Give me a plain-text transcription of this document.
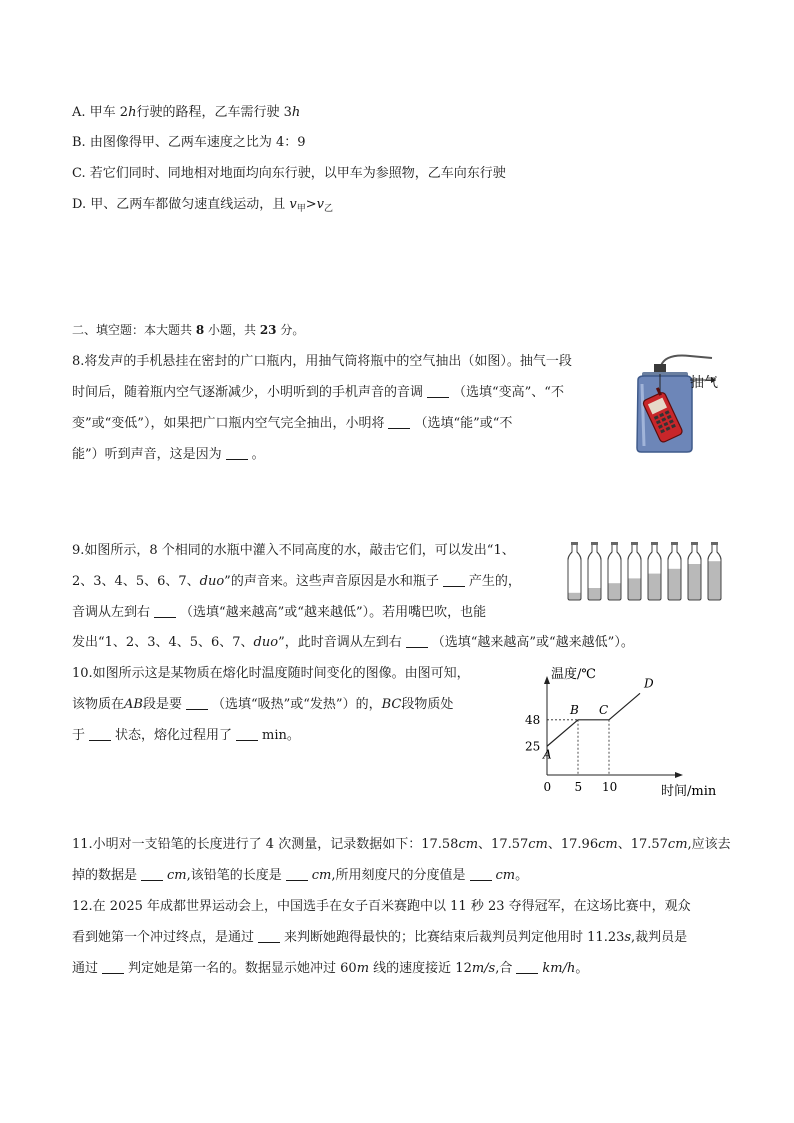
A. 甲车 2h行驶的路程，乙车需行驶 3h
B. 由图像得甲、乙两车速度之比为 4：9
C. 若它们同时、同地相对地面均向东行驶，以甲车为参照物，乙车向东行驶
D. 甲、乙两车都做匀速直线运动，且 $v_甲>v_乙$
二、填空题：本大题共 8 小题，共 23 分。
8.将发声的手机悬挂在密封的广口瓶内，用抽气筒将瓶中的空气抽出（如图）。抽气一段
时间后，随着瓶内空气逐渐减少，小明听到的手机声音的音调 （选填“变高”、“不
变”或“变低”），如果把广口瓶内空气完全抽出，小明将 （选填“能”或“不
能”）听到声音，这是因为 。
抽气
9.如图所示，8 个相同的水瓶中灌入不同高度的水，敲击它们，可以发出“1、
2、3、4、5、6、7、duo”的声音来。这些声音原因是水和瓶子 产生的，
音调从左到右 （选填“越来越高”或“越来越低”）。若用嘴巴吹，也能
发出“1、2、3、4、5、6、7、duo”，此时音调从左到右 （选填“越来越高”或“越来越低”）。
10.如图所示这是某物质在熔化时温度随时间变化的图像。由图可知，
该物质在AB段是要 （选填“吸热”或“发热”）的，BC段物质处
于 状态，熔化过程用了 min。
A
B C
D
25
48
0 5 10
温度/℃
时间/min
11.小明对一支铅笔的长度进行了 4 次测量，记录数据如下：17.58cm、17.57cm、17.96cm、17.57cm,应该去
掉的数据是 cm,该铅笔的长度是 cm,所用刻度尺的分度值是 cm。
12.在 2025 年成都世界运动会上，中国选手在女子百米赛跑中以 11 秒 23 夺得冠军，在这场比赛中，观众
看到她第一个冲过终点，是通过 来判断她跑得最快的；比赛结束后裁判员判定他用时 11.23s,裁判员是
通过 判定她是第一名的。数据显示她冲过 60m 线的速度接近 12m/s,合 km/h。
